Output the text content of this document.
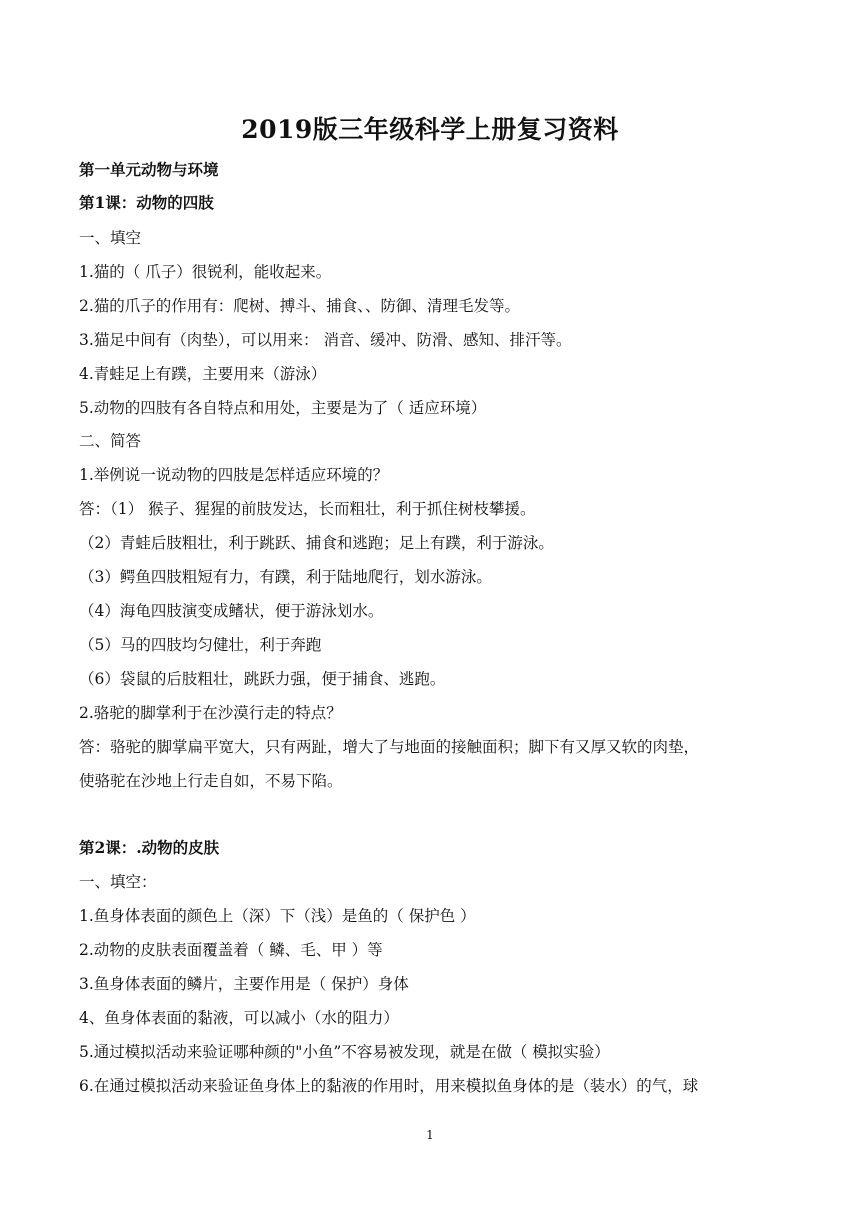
2019版三年级科学上册复习资料
第一单元动物与环境
第1课：动物的四肢
一、填空
1.猫的（ 爪子）很锐利，能收起来。
2.猫的爪子的作用有：爬树、搏斗、捕食、、防御、清理毛发等。
3.猫足中间有（肉垫），可以用来： 消音、缓冲、防滑、感知、排汗等。
4.青蛙足上有蹼，主要用来（游泳）
5.动物的四肢有各自特点和用处，主要是为了（ 适应环境）
二、简答
1.举例说一说动物的四肢是怎样适应环境的？
答：（1） 猴子、猩猩的前肢发达，长而粗壮，利于抓住树枝攀援。
（2）青蛙后肢粗壮，利于跳跃、捕食和逃跑；足上有蹼，利于游泳。
（3）鳄鱼四肢粗短有力，有蹼，利于陆地爬行，划水游泳。
（4）海龟四肢演变成鳍状，便于游泳划水。
（5）马的四肢均匀健壮，利于奔跑
（6）袋鼠的后肢粗壮，跳跃力强，便于捕食、逃跑。
2.骆驼的脚掌利于在沙漠行走的特点？
答：骆驼的脚掌扁平宽大，只有两趾，增大了与地面的接触面积；脚下有又厚又软的肉垫，
使骆驼在沙地上行走自如，不易下陷。
第2课：.动物的皮肤
一、填空：
1.鱼身体表面的颜色上（深）下（浅）是鱼的（ 保护色 ）
2.动物的皮肤表面覆盖着（ 鳞、毛、甲 ）等
3.鱼身体表面的鳞片，主要作用是（ 保护）身体
4、鱼身体表面的黏液，可以减小（水的阻力）
5.通过模拟活动来验证哪种颜的"小鱼”不容易被发现，就是在做（ 模拟实验）
6.在通过模拟活动来验证鱼身体上的黏液的作用时，用来模拟鱼身体的是（装水）的气，球
1
